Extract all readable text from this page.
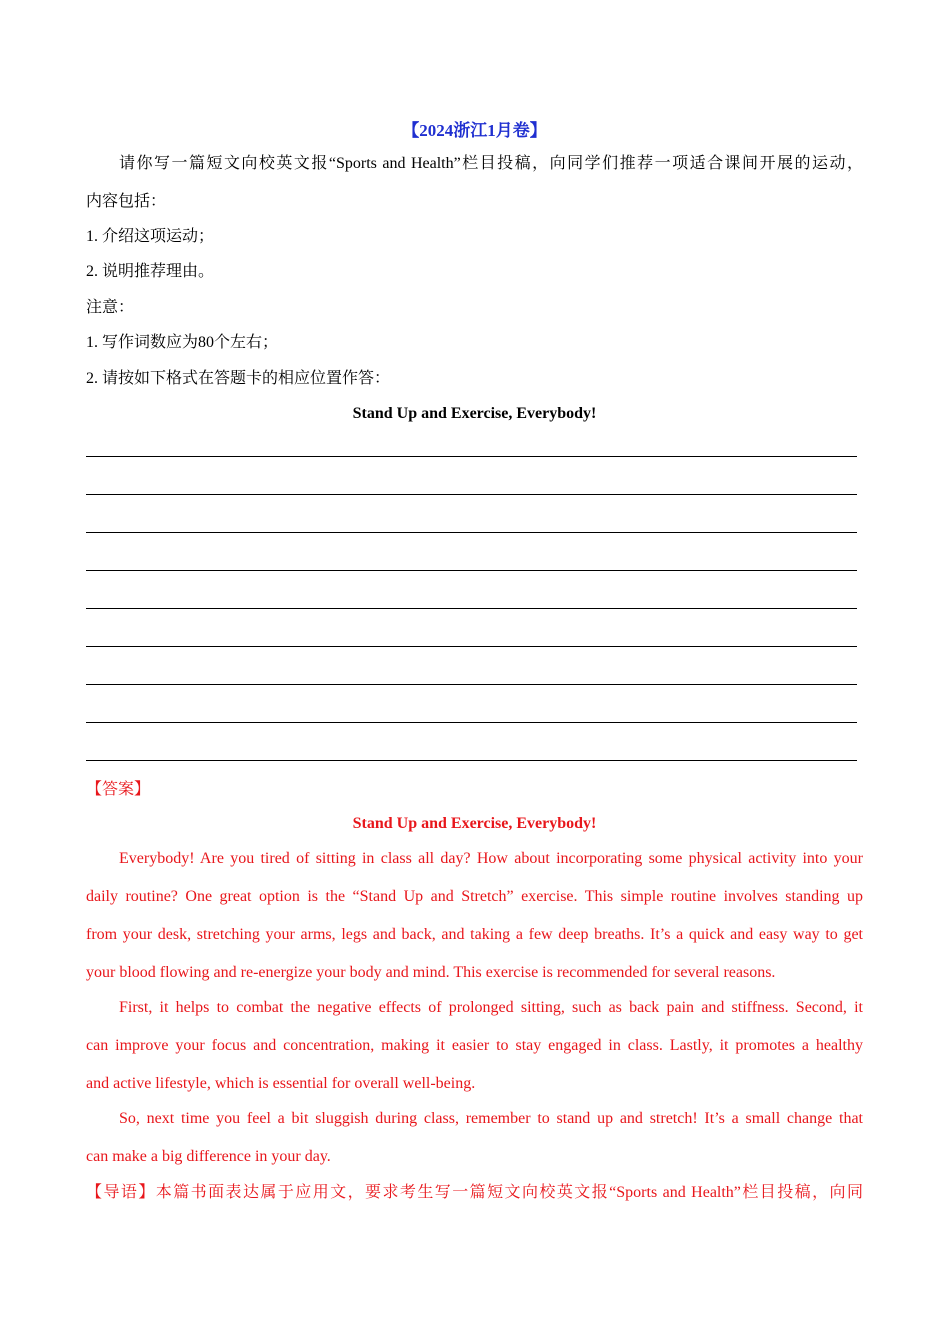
【2024浙江1月卷】
请你写一篇短文向校英文报“Sports and Health”栏目投稿，向同学们推荐一项适合课间开展的运动，
内容包括：
1. 介绍这项运动；
2. 说明推荐理由。
注意：
1. 写作词数应为80个左右；
2. 请按如下格式在答题卡的相应位置作答：
Stand Up and Exercise, Everybody!
【答案】
Stand Up and Exercise, Everybody!
Everybody! Are you tired of sitting in class all day? How about incorporating some physical activity into your
daily routine? One great option is the “Stand Up and Stretch” exercise. This simple routine involves standing up
from your desk, stretching your arms, legs and back, and taking a few deep breaths. It’s a quick and easy way to get
your blood flowing and re-energize your body and mind. This exercise is recommended for several reasons.
First, it helps to combat the negative effects of prolonged sitting, such as back pain and stiffness. Second, it
can improve your focus and concentration, making it easier to stay engaged in class. Lastly, it promotes a healthy
and active lifestyle, which is essential for overall well-being.
So, next time you feel a bit sluggish during class, remember to stand up and stretch! It’s a small change that
can make a big difference in your day.
【导语】本篇书面表达属于应用文，要求考生写一篇短文向校英文报“Sports and Health”栏目投稿，向同
